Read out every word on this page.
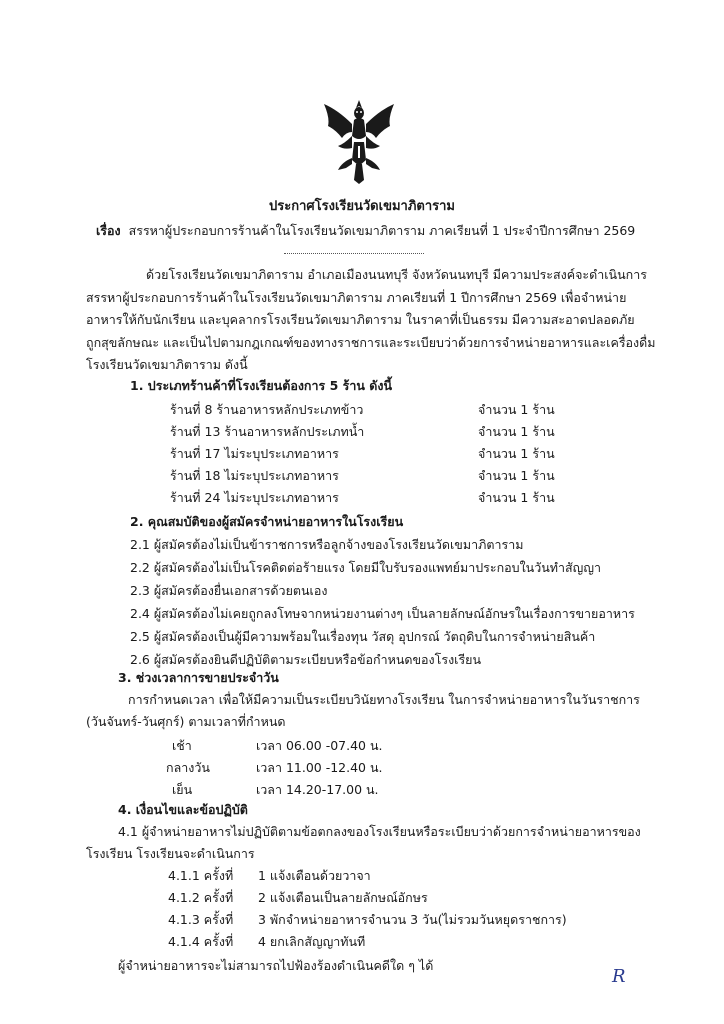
ประกาศโรงเรียนวัดเขมาภิตาราม
เรื่อง สรรหาผู้ประกอบการร้านค้าในโรงเรียนวัดเขมาภิตาราม ภาคเรียนที่ 1 ประจำปีการศึกษา 2569
ด้วยโรงเรียนวัดเขมาภิตาราม อำเภอเมืองนนทบุรี จังหวัดนนทบุรี มีความประสงค์จะดำเนินการ
สรรหาผู้ประกอบการร้านค้าในโรงเรียนวัดเขมาภิตาราม ภาคเรียนที่ 1 ปีการศึกษา 2569 เพื่อจำหน่าย
อาหารให้กับนักเรียน และบุคลากรโรงเรียนวัดเขมาภิตาราม ในราคาที่เป็นธรรม มีความสะอาดปลอดภัย
ถูกสุขลักษณะ และเป็นไปตามกฎเกณฑ์ของทางราชการและระเบียบว่าด้วยการจำหน่ายอาหารและเครื่องดื่ม
โรงเรียนวัดเขมาภิตาราม ดังนี้
1. ประเภทร้านค้าที่โรงเรียนต้องการ 5 ร้าน ดังนี้
ร้านที่ 8 ร้านอาหารหลักประเภทข้าว	จำนวน 1 ร้าน
ร้านที่ 13 ร้านอาหารหลักประเภทน้ำ	จำนวน 1 ร้าน
ร้านที่ 17 ไม่ระบุประเภทอาหาร	จำนวน 1 ร้าน
ร้านที่ 18 ไม่ระบุประเภทอาหาร	จำนวน 1 ร้าน
ร้านที่ 24 ไม่ระบุประเภทอาหาร	จำนวน 1 ร้าน
2. คุณสมบัติของผู้สมัครจำหน่ายอาหารในโรงเรียน
2.1 ผู้สมัครต้องไม่เป็นข้าราชการหรือลูกจ้างของโรงเรียนวัดเขมาภิตาราม
2.2 ผู้สมัครต้องไม่เป็นโรคติดต่อร้ายแรง โดยมีใบรับรองแพทย์มาประกอบในวันทำสัญญา
2.3 ผู้สมัครต้องยื่นเอกสารด้วยตนเอง
2.4 ผู้สมัครต้องไม่เคยถูกลงโทษจากหน่วยงานต่างๆ เป็นลายลักษณ์อักษรในเรื่องการขายอาหาร
2.5 ผู้สมัครต้องเป็นผู้มีความพร้อมในเรื่องทุน วัสดุ อุปกรณ์ วัตถุดิบในการจำหน่ายสินค้า
2.6 ผู้สมัครต้องยินดีปฏิบัติตามระเบียบหรือข้อกำหนดของโรงเรียน
3. ช่วงเวลาการขายประจำวัน
การกำหนดเวลา เพื่อให้มีความเป็นระเบียบวินัยทางโรงเรียน ในการจำหน่ายอาหารในวันราชการ
(วันจันทร์-วันศุกร์) ตามเวลาที่กำหนด
เช้า	เวลา 06.00 -07.40 น.
กลางวัน	เวลา 11.00 -12.40 น.
เย็น	เวลา 14.20-17.00 น.
4. เงื่อนไขและข้อปฏิบัติ
4.1 ผู้จำหน่ายอาหารไม่ปฏิบัติตามข้อตกลงของโรงเรียนหรือระเบียบว่าด้วยการจำหน่ายอาหารของ
โรงเรียน โรงเรียนจะดำเนินการ
4.1.1 ครั้งที่ 1 แจ้งเตือนด้วยวาจา
4.1.2 ครั้งที่ 2 แจ้งเตือนเป็นลายลักษณ์อักษร
4.1.3 ครั้งที่ 3 พักจำหน่ายอาหารจำนวน 3 วัน(ไม่รวมวันหยุดราชการ)
4.1.4 ครั้งที่ 4 ยกเลิกสัญญาทันที
ผู้จำหน่ายอาหารจะไม่สามารถไปฟ้องร้องดำเนินคดีใด ๆ ได้
R
